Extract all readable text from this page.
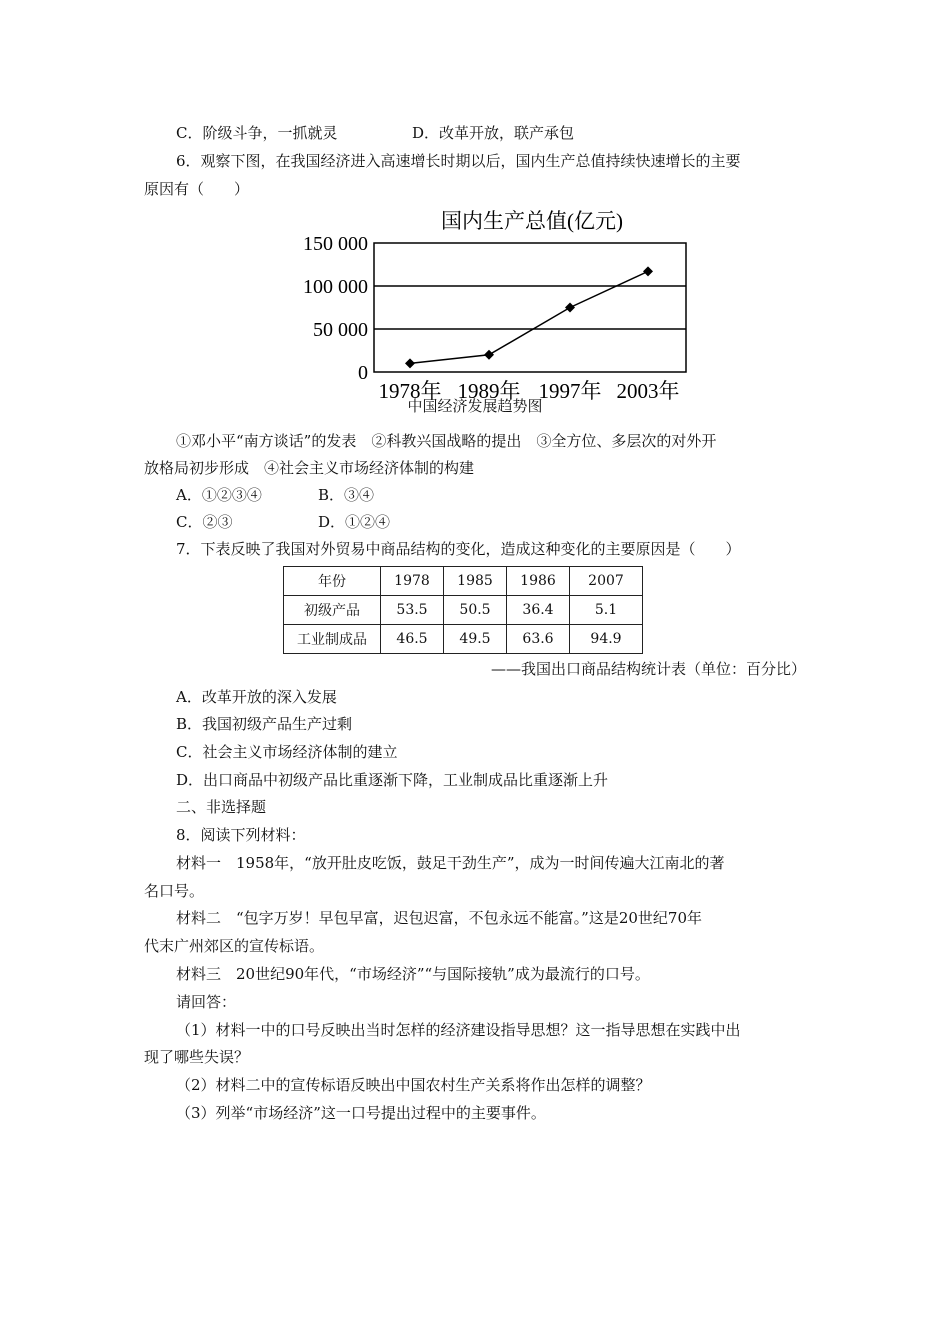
C．阶级斗争，一抓就灵	D．改革开放，联产承包
6．观察下图，在我国经济进入高速增长时期以后，国内生产总值持续快速增长的主要
原因有（　　）
国内生产总值(亿元)
0
50 000
100 000
150 000
1978年 1989年 1997年 2003年
中国经济发展趋势图
①邓小平“南方谈话”的发表　②科教兴国战略的提出　③全方位、多层次的对外开
放格局初步形成　④社会主义市场经济体制的构建
A．①②③④	B．③④
C．②③	D．①②④
7．下表反映了我国对外贸易中商品结构的变化，造成这种变化的主要原因是（　　）
年份	1978	1985	1986	2007
初级产品	53.5	50.5	36.4	5.1
工业制成品	46.5	49.5	63.6	94.9
——我国出口商品结构统计表（单位：百分比）
A．改革开放的深入发展
B．我国初级产品生产过剩
C．社会主义市场经济体制的建立
D．出口商品中初级产品比重逐渐下降，工业制成品比重逐渐上升
二、非选择题
8．阅读下列材料：
材料一　1958年，“放开肚皮吃饭，鼓足干劲生产”，成为一时间传遍大江南北的著
名口号。
材料二　“包字万岁！早包早富，迟包迟富，不包永远不能富。”这是20世纪70年
代末广州郊区的宣传标语。
材料三　20世纪90年代，“市场经济”“与国际接轨”成为最流行的口号。
请回答：
（1）材料一中的口号反映出当时怎样的经济建设指导思想？这一指导思想在实践中出
现了哪些失误？
（2）材料二中的宣传标语反映出中国农村生产关系将作出怎样的调整？
（3）列举“市场经济”这一口号提出过程中的主要事件。
